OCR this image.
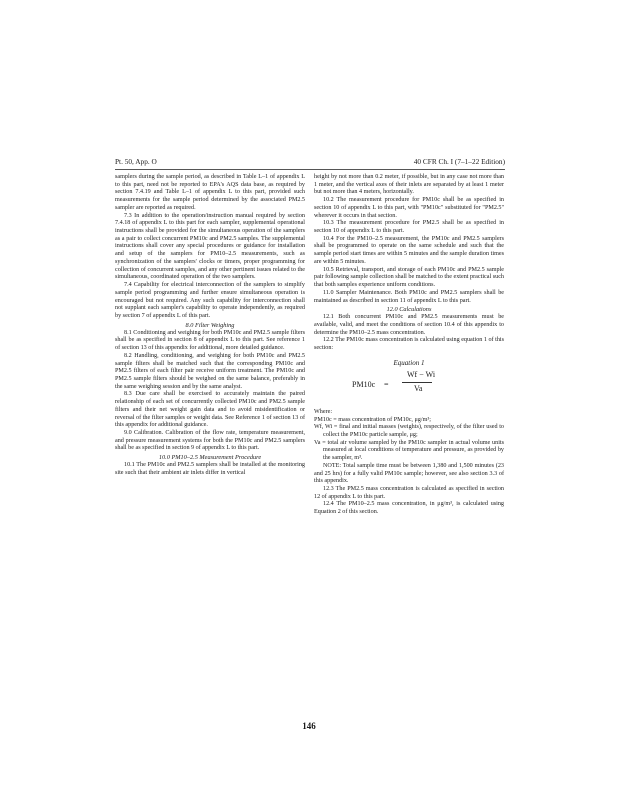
Pt. 50, App. O	40 CFR Ch. I (7–1–22 Edition)

samplers during the sample period, as described in Table L–1 of appendix L to this part, need not be reported to EPA's AQS data base, as required by section 7.4.19 and Table L–1 of appendix L to this part, provided such measurements for the sample period determined by the associated PM2.5 sampler are reported as required.

7.3 In addition to the operation/instruction manual required by section 7.4.18 of appendix L to this part for each sampler, supplemental operational instructions shall be provided for the simultaneous operation of the samplers as a pair to collect concurrent PM10c and PM2.5 samples. The supplemental instructions shall cover any special procedures or guidance for installation and setup of the samplers for PM10–2.5 measurements, such as synchronization of the samplers' clocks or timers, proper programming for collection of concurrent samples, and any other pertinent issues related to the simultaneous, coordinated operation of the two samplers.

7.4 Capability for electrical interconnection of the samplers to simplify sample period programming and further ensure simultaneous operation is encouraged but not required. Any such capability for interconnection shall not supplant each sampler's capability to operate independently, as required by section 7 of appendix L of this part.

8.0 Filter Weighing

8.1 Conditioning and weighing for both PM10c and PM2.5 sample filters shall be as specified in section 8 of appendix L to this part. See reference 1 of section 13 of this appendix for additional, more detailed guidance.

8.2 Handling, conditioning, and weighing for both PM10c and PM2.5 sample filters shall be matched such that the corresponding PM10c and PM2.5 filters of each filter pair receive uniform treatment. The PM10c and PM2.5 sample filters should be weighed on the same balance, preferably in the same weighing session and by the same analyst.

8.3 Due care shall be exercised to accurately maintain the paired relationship of each set of concurrently collected PM10c and PM2.5 sample filters and their net weight gain data and to avoid misidentification or reversal of the filter samples or weight data. See Reference 1 of section 13 of this appendix for additional guidance.

9.0 Calibration. Calibration of the flow rate, temperature measurement, and pressure measurement systems for both the PM10c and PM2.5 samplers shall be as specified in section 9 of appendix L to this part.

10.0 PM10–2.5 Measurement Procedure

10.1 The PM10c and PM2.5 samplers shall be installed at the monitoring site such that their ambient air inlets differ in vertical

height by not more than 0.2 meter, if possible, but in any case not more than 1 meter, and the vertical axes of their inlets are separated by at least 1 meter but not more than 4 meters, horizontally.

10.2 The measurement procedure for PM10c shall be as specified in section 10 of appendix L to this part, with "PM10c" substituted for "PM2.5" wherever it occurs in that section.

10.3 The measurement procedure for PM2.5 shall be as specified in section 10 of appendix L to this part.

10.4 For the PM10–2.5 measurement, the PM10c and PM2.5 samplers shall be programmed to operate on the same schedule and such that the sample period start times are within 5 minutes and the sample duration times are within 5 minutes.

10.5 Retrieval, transport, and storage of each PM10c and PM2.5 sample pair following sample collection shall be matched to the extent practical such that both samples experience uniform conditions.

11.0 Sampler Maintenance. Both PM10c and PM2.5 samplers shall be maintained as described in section 11 of appendix L to this part.

12.0 Calculations

12.1 Both concurrent PM10c and PM2.5 measurements must be available, valid, and meet the conditions of section 10.4 of this appendix to determine the PM10–2.5 mass concentration.

12.2 The PM10c mass concentration is calculated using equation 1 of this section:

Equation 1
PM10c =
Wf − Wi
Va

Where:

PM10c = mass concentration of PM10c, μg/m³;

Wf, Wi = final and initial masses (weights), respectively, of the filter used to collect the PM10c particle sample, μg;

Va = total air volume sampled by the PM10c sampler in actual volume units measured at local conditions of temperature and pressure, as provided by the sampler, m³.

NOTE: Total sample time must be between 1,380 and 1,500 minutes (23 and 25 hrs) for a fully valid PM10c sample; however, see also section 3.3 of this appendix.

12.3 The PM2.5 mass concentration is calculated as specified in section 12 of appendix L to this part.

12.4 The PM10–2.5 mass concentration, in μg/m³, is calculated using Equation 2 of this section.

146
